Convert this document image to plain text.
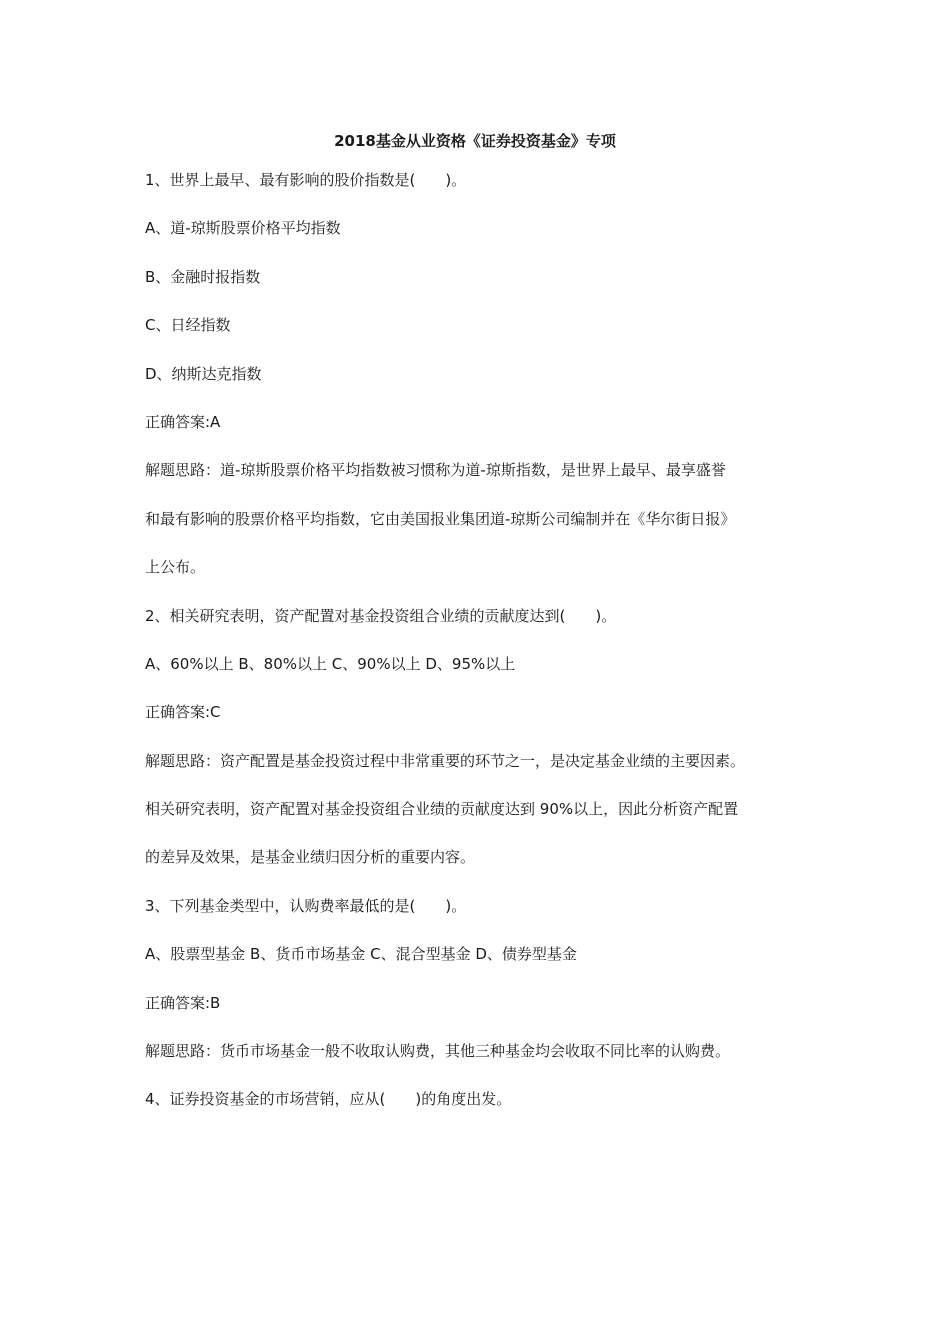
2018基金从业资格《证券投资基金》专项

1、世界上最早、最有影响的股价指数是(　　)。

A、道-琼斯股票价格平均指数

B、金融时报指数

C、日经指数

D、纳斯达克指数

正确答案:A

解题思路：道-琼斯股票价格平均指数被习惯称为道-琼斯指数，是世界上最早、最享盛誉

和最有影响的股票价格平均指数，它由美国报业集团道-琼斯公司编制并在《华尔街日报》

上公布。

2、相关研究表明，资产配置对基金投资组合业绩的贡献度达到(　　)。

A、60%以上 B、80%以上 C、90%以上 D、95%以上

正确答案:C

解题思路：资产配置是基金投资过程中非常重要的环节之一，是决定基金业绩的主要因素。

相关研究表明，资产配置对基金投资组合业绩的贡献度达到 90%以上，因此分析资产配置

的差异及效果，是基金业绩归因分析的重要内容。

3、下列基金类型中，认购费率最低的是(　　)。

A、股票型基金 B、货币市场基金 C、混合型基金 D、债券型基金

正确答案:B

解题思路：货币市场基金一般不收取认购费，其他三种基金均会收取不同比率的认购费。

4、证券投资基金的市场营销，应从(　　)的角度出发。
